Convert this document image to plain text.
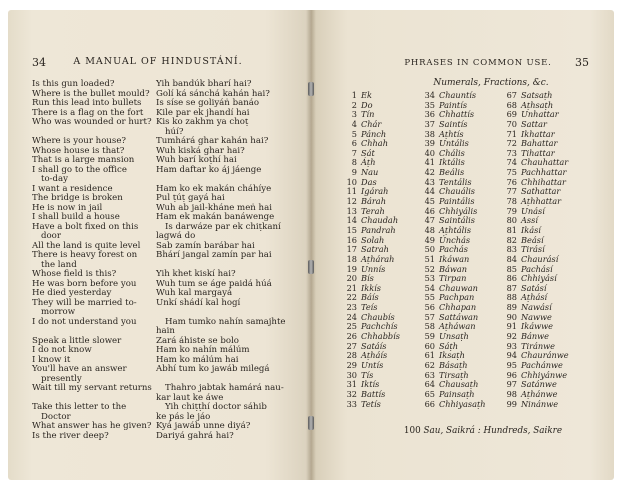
34	A MANUAL OF HINDUSTÁNÍ.
Is this gun loaded?
Where is the bullet mould?
Run this lead into bullets
There is a flag on the fort
Who was wounded or hurt?
Where is your house?
Whose house is that?
That is a large mansion
I shall go to the office
to-day
I want a residence
The bridge is broken
He is now in jail
I shall build a house
Have a bolt fixed on this
door
All the land is quite level
There is heavy forest on
the land
Whose field is this?
He was born before you
He died yesterday
They will be married to-
morrow
I do not understand you
Speak a little slower
I do not know
I know it
You'll have an answer
presently
Wait till my servant returns
Take this letter to the
Doctor
What answer has he given?
Is the river deep?
Yih bandúk bharí hai?
Golí ká sánchá kahán hai?
Is síse se goliyáṅ banáo
Kile par ek jhandí hai
Kis ko zakhm ya choṭ
húí?
Tumhárá ghar kahán hai?
Wuh kiská ghar hai?
Wuh barí koṭhí hai
Ham daftar ko áj jáenge
Ham ko ek makán cháhíye
Pul ṭúṭ gayá hai
Wuh ab jail-kháne meṅ hai
Ham ek makán banáwenge
Is darwáze par ek chiṭkaní
lagwá do
Sab zamín barábar hai
Bhárí jangal zamín par hai
Yih khet kiskí hai?
Wuh tum se áge paidá húá
Wuh kal margayá
Unkí shádí kal hogí
Ham tumko nahín samajhte
hain
Zará áhiste se bolo
Ham ko nahín málúm
Ham ko málúm hai
Abhí tum ko jawáb milegá
Thahro jabtak hamárá nau-
kar laut ke áwe
Yih chiṭṭhí doctor sáhib
ke pás le jáo
Kyá jawáb unne diyá?
Dariyá gahrá hai?
PHRASES IN COMMON USE.	35
Numerals, Fractions, &c.
1 Ek
2 Do
3 Tín
4 Chár
5 Pánch
6 Chhah
7 Sát
8 Áṭh
9 Nau
10 Das
11 Igárah
12 Bárah
13 Terah
14 Chaudah
15 Pandrah
16 Solah
17 Satrah
18 Aṭhárah
19 Unnís
20 Bís
21 Ikkís
22 Báís
23 Teís
24 Chaubís
25 Pachchís
26 Chhabbís
27 Satáís
28 Aṭháís
29 Untís
30 Tís
31 Iktís
32 Battís
33 Tetís
34 Chauntís
35 Paintís
36 Chhattís
37 Saintís
38 Aṭhtís
39 Untális
40 Chális
41 Iktális
42 Beális
43 Tentális
44 Chauális
45 Paintális
46 Chhiyális
47 Saintális
48 Aṭhtális
49 Únchás
50 Pachás
51 Ikáwan
52 Báwan
53 Tirpan
54 Chauwan
55 Pachpan
56 Chhapan
57 Sattáwan
58 Aṭháwan
59 Unsaṭh
60 Sáṭh
61 Iksaṭh
62 Básaṭh
63 Tirsaṭh
64 Chausaṭh
65 Painsaṭh
66 Chhiyasaṭh
67 Satsaṭh
68 Aṭhsaṭh
69 Unhattar
70 Sattar
71 Ikhattar
72 Bahattar
73 Tihattar
74 Chauhattar
75 Pachhattar
76 Chhihattar
77 Sathattar
78 Aṭhhattar
79 Unásí
80 Assí
81 Ikásí
82 Beásí
83 Tirásí
84 Chaurásí
85 Pachásí
86 Chhiyásí
87 Satásí
88 Aṭhásí
89 Nawásí
90 Nawwe
91 Ikáwwe
92 Bánwe
93 Tiránwe
94 Chauránwe
95 Pachánwe
96 Chhiyánwe
97 Satánwe
98 Aṭhánwe
99 Ninánwe
100 Sau, Saikrá : Hundreds, Saikre
